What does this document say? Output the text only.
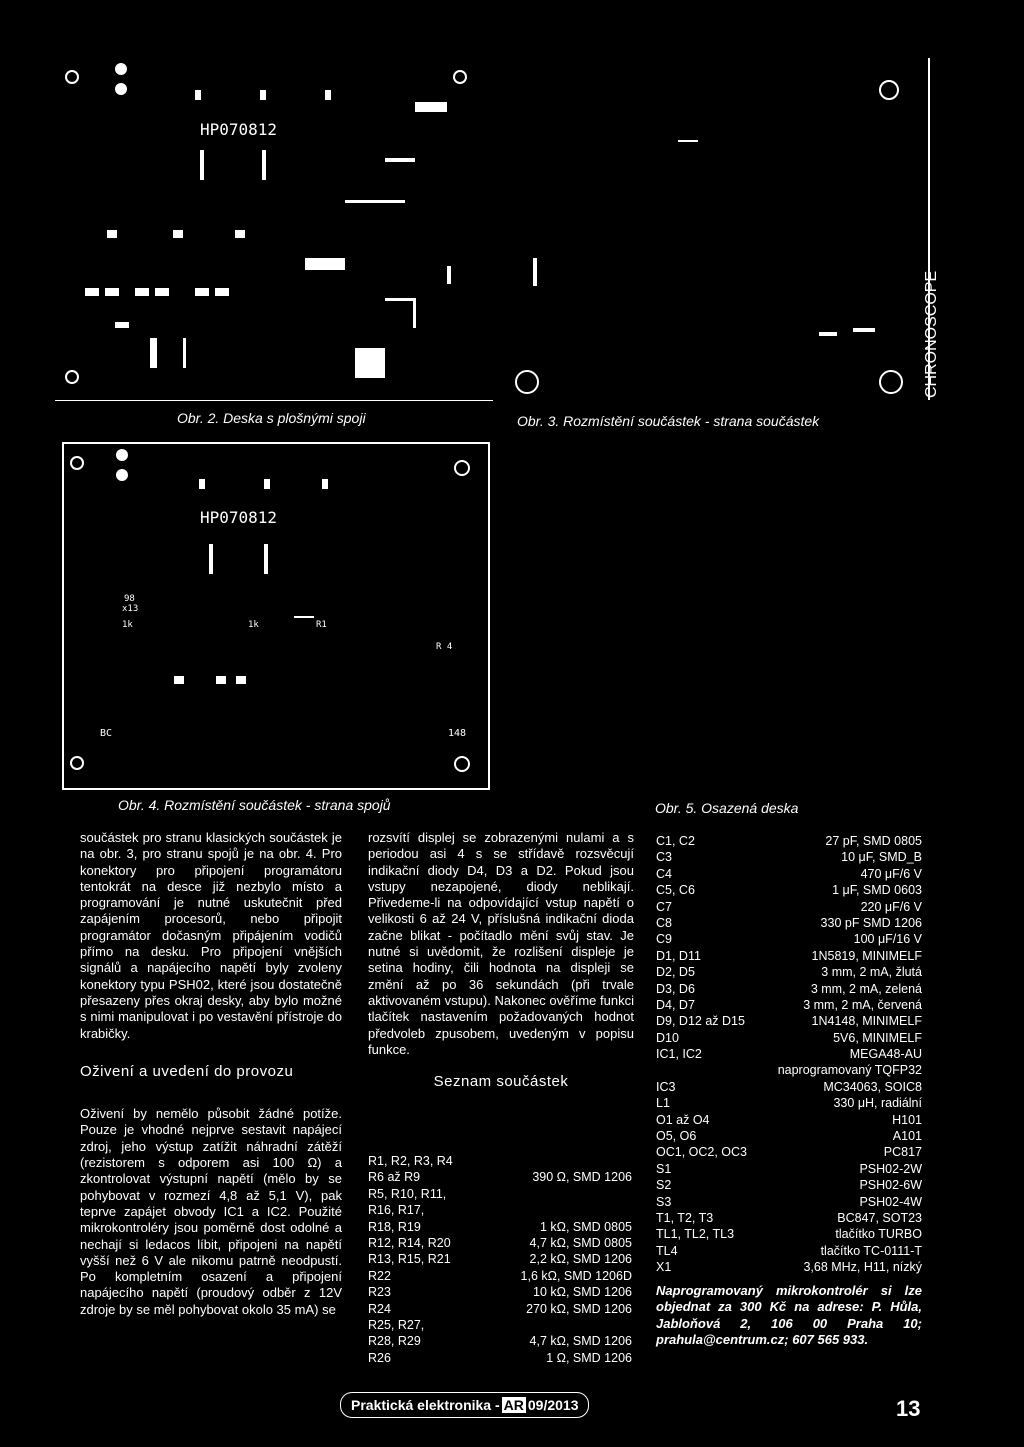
HP070812
CHRONOSCOPE
Obr. 2. Deska s plošnými spoji	Obr. 3. Rozmístění součástek - strana součástek
HP070812
98
x13
1k	1k	R1
R 4
BC	148
Obr. 4. Rozmístění součástek - strana spojů	Obr. 5. Osazená deska

součástek pro stranu klasických součástek je na obr. 3, pro stranu spojů je na obr. 4. Pro konektory pro připojení programátoru tentokrát na desce již nezbylo místo a programování je nutné uskutečnit před zapájením procesorů, nebo připojit programátor dočasným připájením vodičů přímo na desku. Pro připojení vnějších signálů a napájecího napětí byly zvoleny konektory typu PSH02, které jsou dostatečně přesazeny přes okraj desky, aby bylo možné s nimi manipulovat i po vestavění přístroje do krabičky.

Oživení a uvedení do provozu

Oživení by nemělo působit žádné potíže. Pouze je vhodné nejprve sestavit napájecí zdroj, jeho výstup zatížit náhradní zátěží (rezistorem s odporem asi 100 Ω) a zkontrolovat výstupní napětí (mělo by se pohybovat v rozmezí 4,8 až 5,1 V), pak teprve zapájet obvody IC1 a IC2. Použité mikrokontroléry jsou poměrně dost odolné a nechají si ledacos líbit, připojeni na napětí vyšší než 6 V ale nikomu patrně neodpustí. Po kompletním osazení a připojení napájecího napětí (proudový odběr z 12V zdroje by se měl pohybovat okolo 35 mA) se

rozsvítí displej se zobrazenými nulami a s periodou asi 4 s se střídavě rozsvěcují indikační diody D4, D3 a D2. Pokud jsou vstupy nezapojené, diody neblikají. Přivedeme-li na odpovídající vstup napětí o velikosti 6 až 24 V, příslušná indikační dioda začne blikat - počítadlo mění svůj stav. Je nutné si uvědomit, že rozlišení displeje je setina hodiny, čili hodnota na displeji se změní až po 36 sekundách (při trvale aktivovaném vstupu). Nakonec ověříme funkci tlačítek nastavením požadovaných hodnot předvoleb zpusobem, uvedeným v popisu funkce.

Seznam součástek

R1, R2, R3, R4
R6 až R9	390 Ω, SMD 1206
R5, R10, R11,
R16, R17,
R18, R19	1 kΩ, SMD 0805
R12, R14, R20	4,7 kΩ, SMD 0805
R13, R15, R21	2,2 kΩ, SMD 1206
R22	1,6 kΩ, SMD 1206D
R23	10 kΩ, SMD 1206
R24	270 kΩ, SMD 1206
R25, R27,
R28, R29	4,7 kΩ, SMD 1206
R26	1 Ω, SMD 1206
C1, C2	27 pF, SMD 0805
C3	10 μF, SMD_B
C4	470 μF/6 V
C5, C6	1 μF, SMD 0603
C7	220 μF/6 V
C8	330 pF SMD 1206
C9	100 μF/16 V
D1, D11	1N5819, MINIMELF
D2, D5	3 mm, 2 mA, žlutá
D3, D6	3 mm, 2 mA, zelená
D4, D7	3 mm, 2 mA, červená
D9, D12 až D15	1N4148, MINIMELF
D10	5V6, MINIMELF
IC1, IC2	MEGA48-AU
naprogramovaný TQFP32
IC3	MC34063, SOIC8
L1	330 μH, radiální
O1 až O4	H101
O5, O6	A101
OC1, OC2, OC3	PC817
S1	PSH02-2W
S2	PSH02-6W
S3	PSH02-4W
T1, T2, T3	BC847, SOT23
TL1, TL2, TL3	tlačítko TURBO
TL4	tlačítko TC-0111-T
X1	3,68 MHz, H11, nízký
Naprogramovaný mikrokontrolér si lze objednat za 300 Kč na adrese: P. Hůla, Jabloňová 2, 106 00 Praha 10; prahula@centrum.cz; 607 565 933.
Praktická elektronika - AR 09/2013	13
